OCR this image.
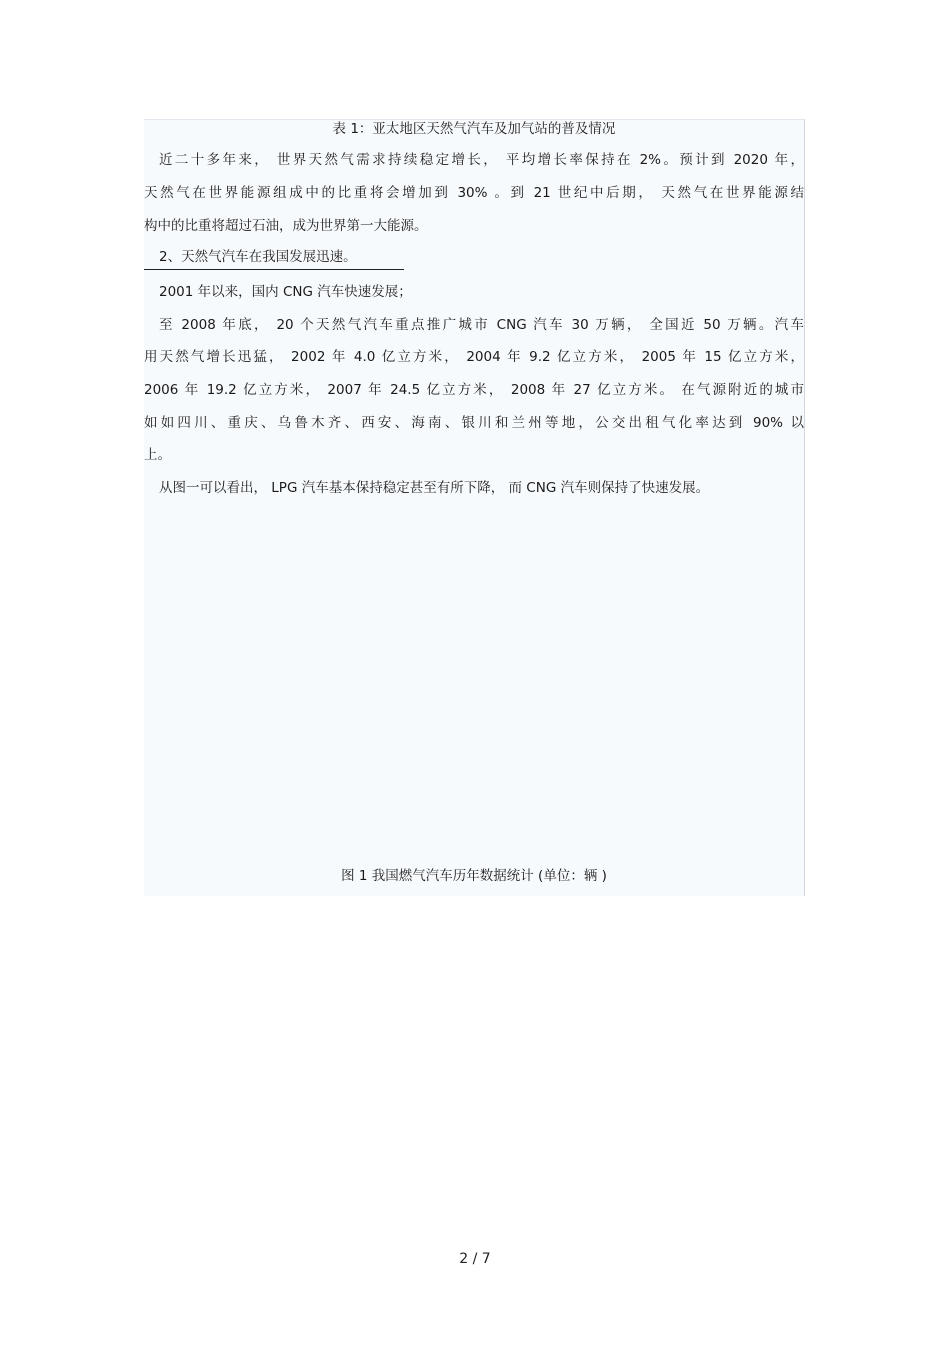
表 1：亚太地区天然气汽车及加气站的普及情况
近二十多年来， 世界天然气需求持续稳定增长， 平均增长率保持在 2%。预计到 2020 年，
天然气在世界能源组成中的比重将会增加到 30% 。到 21 世纪中后期， 天然气在世界能源结
构中的比重将超过石油，成为世界第一大能源。
2、天然气汽车在我国发展迅速。
2001 年以来，国内 CNG 汽车快速发展；
至 2008 年底， 20 个天然气汽车重点推广城市 CNG 汽车 30 万辆， 全国近 50 万辆。汽车
用天然气增长迅猛， 2002 年 4.0 亿立方米， 2004 年 9.2 亿立方米， 2005 年 15 亿立方米，
2006 年 19.2 亿立方米， 2007 年 24.5 亿立方米， 2008 年 27 亿立方米。 在气源附近的城市
如如四川、重庆、乌鲁木齐、西安、海南、银川和兰州等地，公交出租气化率达到 90% 以
上。
从图一可以看出， LPG 汽车基本保持稳定甚至有所下降， 而 CNG 汽车则保持了快速发展。
图 1 我国燃气汽车历年数据统计 (单位：辆 )
2 / 7
